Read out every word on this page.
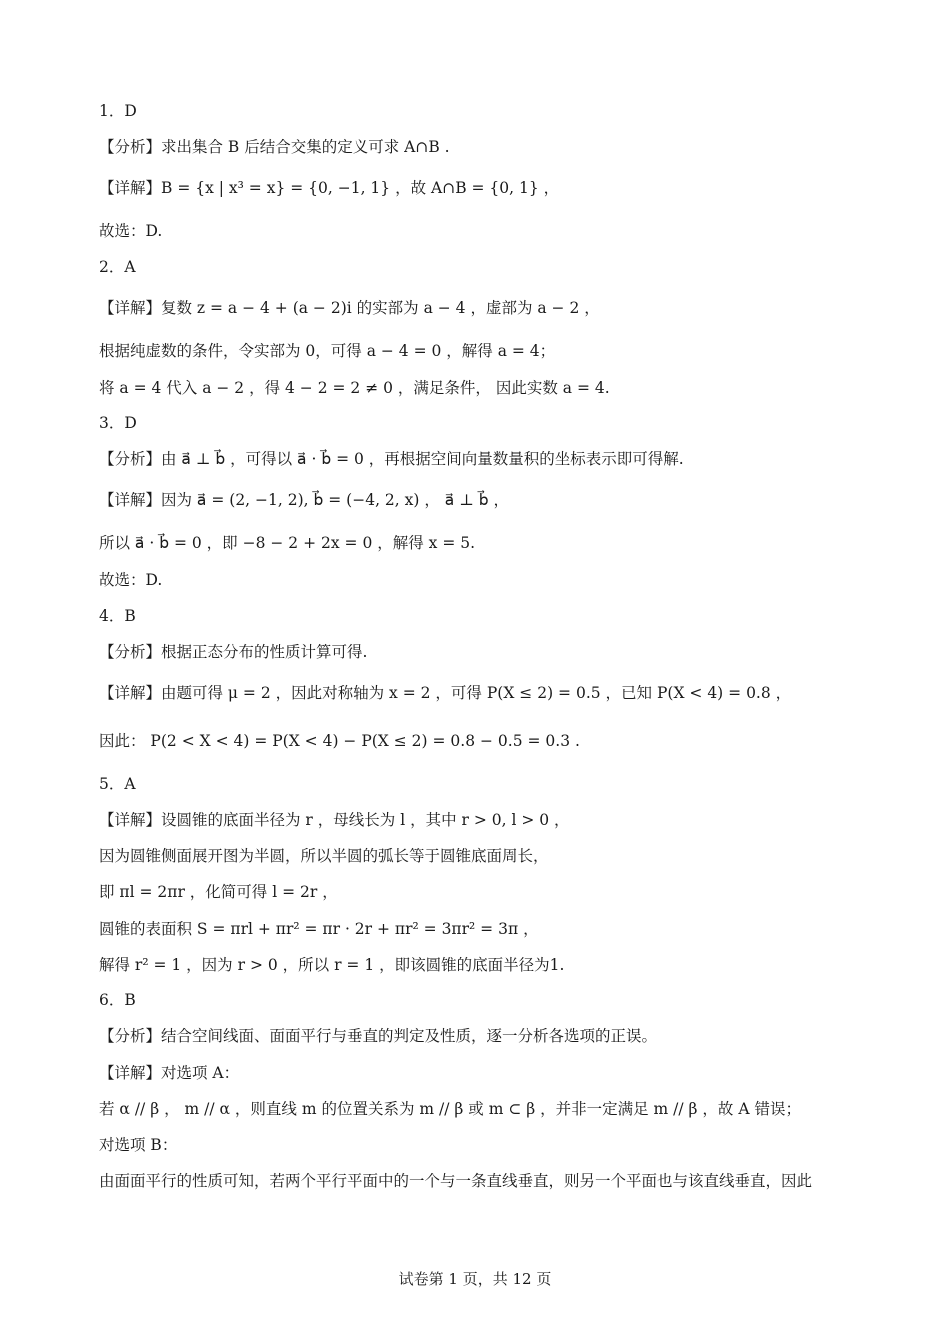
1．D
【分析】求出集合 B 后结合交集的定义可求 A∩B .
【详解】B = {x | x³ = x} = {0, −1, 1} ，故 A∩B = {0, 1} ，
故选：D.
2．A
【详解】复数 z = a − 4 + (a − 2)i 的实部为 a − 4 ，虚部为 a − 2 ，
根据纯虚数的条件，令实部为 0，可得 a − 4 = 0 ，解得 a = 4；
将 a = 4 代入 a − 2 ，得 4 − 2 = 2 ≠ 0 ，满足条件， 因此实数 a = 4.
3．D
【分析】由 a⃗ ⊥ b⃗ ，可得以 a⃗ · b⃗ = 0 ，再根据空间向量数量积的坐标表示即可得解.
【详解】因为 a⃗ = (2, −1, 2), b⃗ = (−4, 2, x) ， a⃗ ⊥ b⃗ ，
所以 a⃗ · b⃗ = 0 ，即 −8 − 2 + 2x = 0 ，解得 x = 5.
故选：D.
4．B
【分析】根据正态分布的性质计算可得.
【详解】由题可得 μ = 2 ，因此对称轴为 x = 2 ，可得 P(X ≤ 2) = 0.5 ，已知 P(X < 4) = 0.8 ，
因此： P(2 < X < 4) = P(X < 4) − P(X ≤ 2) = 0.8 − 0.5 = 0.3 .
5．A
【详解】设圆锥的底面半径为 r ，母线长为 l ，其中 r > 0, l > 0 ，
因为圆锥侧面展开图为半圆，所以半圆的弧长等于圆锥底面周长，
即 πl = 2πr ，化简可得 l = 2r ，
圆锥的表面积 S = πrl + πr² = πr · 2r + πr² = 3πr² = 3π ，
解得 r² = 1 ，因为 r > 0 ，所以 r = 1 ，即该圆锥的底面半径为1.
6．B
【分析】结合空间线面、面面平行与垂直的判定及性质，逐一分析各选项的正误。
【详解】对选项 A：
若 α // β ， m // α ，则直线 m 的位置关系为 m // β 或 m ⊂ β ，并非一定满足 m // β ，故 A 错误；
对选项 B：
由面面平行的性质可知，若两个平行平面中的一个与一条直线垂直，则另一个平面也与该直线垂直，因此
试卷第 1 页，共 12 页
